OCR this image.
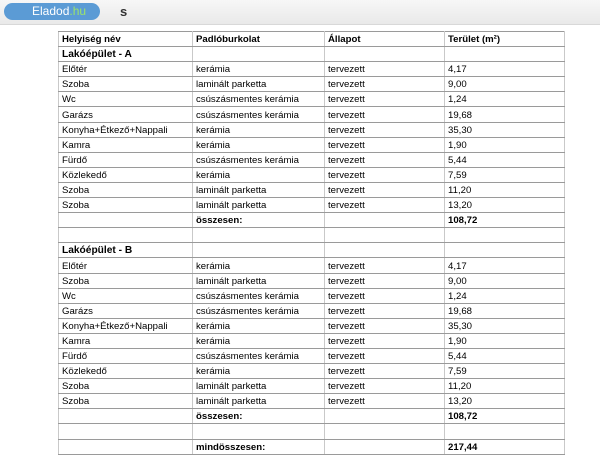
Eladod.hu	s
Helyiség név	Padlóburkolat	Állapot	Terület (m²)
Lakóépület - A			
Előtér	kerámia	tervezett	4,17
Szoba	laminált parketta	tervezett	9,00
Wc	csúszásmentes kerámia	tervezett	1,24
Garázs	csúszásmentes kerámia	tervezett	19,68
Konyha+Étkező+Nappali	kerámia	tervezett	35,30
Kamra	kerámia	tervezett	1,90
Fürdő	csúszásmentes kerámia	tervezett	5,44
Közlekedő	kerámia	tervezett	7,59
Szoba	laminált parketta	tervezett	11,20
Szoba	laminált parketta	tervezett	13,20
	összesen:		108,72

Lakóépület - B			
Előtér	kerámia	tervezett	4,17
Szoba	laminált parketta	tervezett	9,00
Wc	csúszásmentes kerámia	tervezett	1,24
Garázs	csúszásmentes kerámia	tervezett	19,68
Konyha+Étkező+Nappali	kerámia	tervezett	35,30
Kamra	kerámia	tervezett	1,90
Fürdő	csúszásmentes kerámia	tervezett	5,44
Közlekedő	kerámia	tervezett	7,59
Szoba	laminált parketta	tervezett	11,20
Szoba	laminált parketta	tervezett	13,20
	összesen:		108,72

	mindösszesen:		217,44
